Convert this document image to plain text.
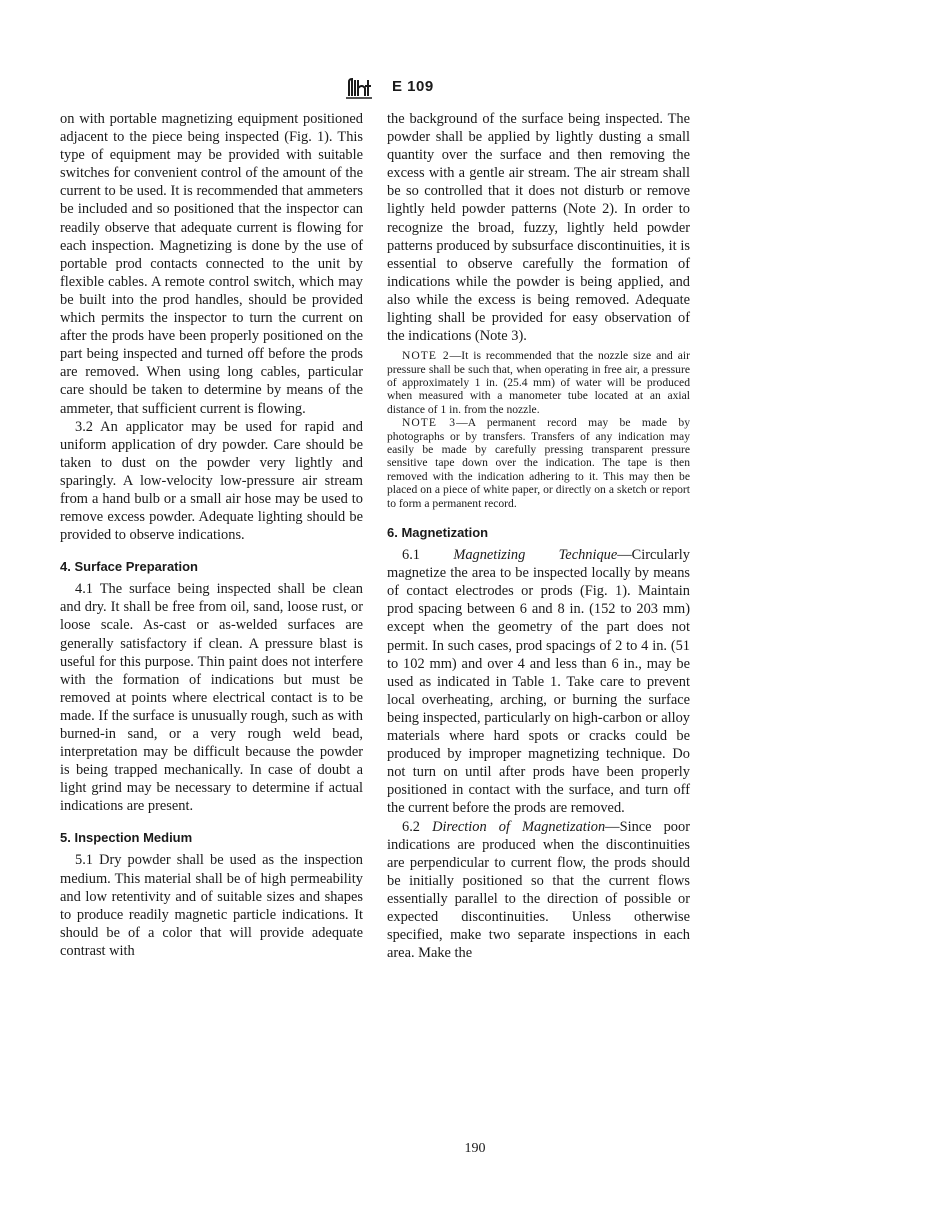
E 109

on with portable magnetizing equipment positioned adjacent to the piece being inspected (Fig. 1). This type of equipment may be provided with suitable switches for convenient control of the amount of the current to be used. It is recommended that ammeters be included and so positioned that the inspector can readily observe that adequate current is flowing for each inspection. Magnetizing is done by the use of portable prod contacts connected to the unit by flexible cables. A remote control switch, which may be built into the prod handles, should be provided which permits the inspector to turn the current on after the prods have been properly positioned on the part being inspected and turned off before the prods are removed. When using long cables, particular care should be taken to determine by means of the ammeter, that sufficient current is flowing.

3.2 An applicator may be used for rapid and uniform application of dry powder. Care should be taken to dust on the powder very lightly and sparingly. A low-velocity low-pressure air stream from a hand bulb or a small air hose may be used to remove excess powder. Adequate lighting should be provided to observe indications.

4. Surface Preparation

4.1 The surface being inspected shall be clean and dry. It shall be free from oil, sand, loose rust, or loose scale. As-cast or as-welded surfaces are generally satisfactory if clean. A pressure blast is useful for this purpose. Thin paint does not interfere with the formation of indications but must be removed at points where electrical contact is to be made. If the surface is unusually rough, such as with burned-in sand, or a very rough weld bead, interpretation may be difficult because the powder is being trapped mechanically. In case of doubt a light grind may be necessary to determine if actual indications are present.

5. Inspection Medium

5.1 Dry powder shall be used as the inspection medium. This material shall be of high permeability and low retentivity and of suitable sizes and shapes to produce readily magnetic particle indications. It should be of a color that will provide adequate contrast with

the background of the surface being inspected. The powder shall be applied by lightly dusting a small quantity over the surface and then removing the excess with a gentle air stream. The air stream shall be so controlled that it does not disturb or remove lightly held powder patterns (Note 2). In order to recognize the broad, fuzzy, lightly held powder patterns produced by subsurface discontinuities, it is essential to observe carefully the formation of indications while the powder is being applied, and also while the excess is being removed. Adequate lighting shall be provided for easy observation of the indications (Note 3).

NOTE 2—It is recommended that the nozzle size and air pressure shall be such that, when operating in free air, a pressure of approximately 1 in. (25.4 mm) of water will be produced when measured with a manometer tube located at an axial distance of 1 in. from the nozzle.

NOTE 3—A permanent record may be made by photographs or by transfers. Transfers of any indication may easily be made by carefully pressing transparent pressure sensitive tape down over the indication. The tape is then removed with the indication adhering to it. This may then be placed on a piece of white paper, or directly on a sketch or report to form a permanent record.

6. Magnetization

6.1 Magnetizing Technique—Circularly magnetize the area to be inspected locally by means of contact electrodes or prods (Fig. 1). Maintain prod spacing between 6 and 8 in. (152 to 203 mm) except when the geometry of the part does not permit. In such cases, prod spacings of 2 to 4 in. (51 to 102 mm) and over 4 and less than 6 in., may be used as indicated in Table 1. Take care to prevent local overheating, arching, or burning the surface being inspected, particularly on high-carbon or alloy materials where hard spots or cracks could be produced by improper magnetizing technique. Do not turn on until after prods have been properly positioned in contact with the surface, and turn off the current before the prods are removed.

6.2 Direction of Magnetization—Since poor indications are produced when the discontinuities are perpendicular to current flow, the prods should be initially positioned so that the current flows essentially parallel to the direction of possible or expected discontinuities. Unless otherwise specified, make two separate inspections in each area. Make the

190
